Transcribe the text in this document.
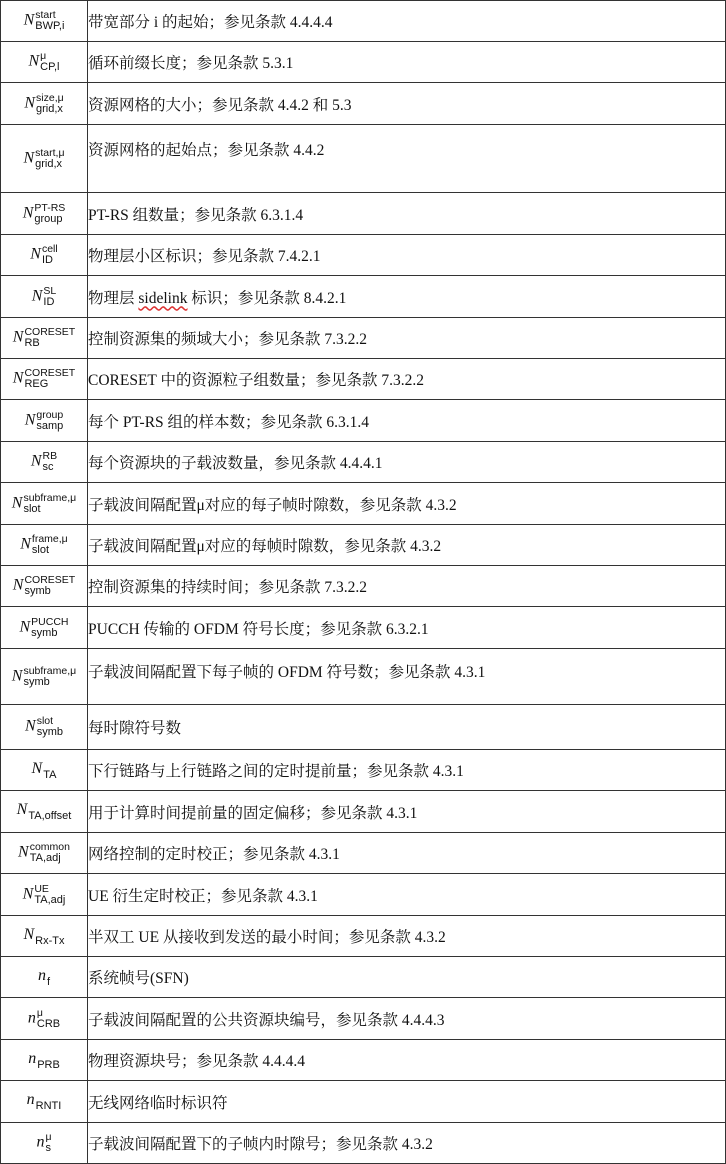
N start
BWP,i	带宽部分 i 的起始；参见条款 4.4.4.4
N μ
CP,l	循环前缀长度；参见条款 5.3.1
N size,μ
grid,x	资源网格的大小；参见条款 4.4.2 和 5.3
N start,μ
grid,x	资源网格的起始点；参见条款 4.4.2
N PT-RS
group	PT-RS 组数量；参见条款 6.3.1.4
N cell
ID	物理层小区标识；参见条款 7.4.2.1
N SL
ID	物理层 sidelink 标识；参见条款 8.4.2.1
N CORESET
RB	控制资源集的频域大小；参见条款 7.3.2.2
N CORESET
REG	CORESET 中的资源粒子组数量；参见条款 7.3.2.2
N group
samp	每个 PT-RS 组的样本数；参见条款 6.3.1.4
N RB
sc	每个资源块的子载波数量，参见条款 4.4.4.1
N subframe,μ
slot	子载波间隔配置μ对应的每子帧时隙数，参见条款 4.3.2
N frame,μ
slot	子载波间隔配置μ对应的每帧时隙数，参见条款 4.3.2
N CORESET
symb	控制资源集的持续时间；参见条款 7.3.2.2
N PUCCH
symb	PUCCH 传输的 OFDM 符号长度；参见条款 6.3.2.1
N subframe,μ
symb	子载波间隔配置下每子帧的 OFDM 符号数；参见条款 4.3.1
N slot
symb	每时隙符号数
NTA	下行链路与上行链路之间的定时提前量；参见条款 4.3.1
NTA,offset	用于计算时间提前量的固定偏移；参见条款 4.3.1
N common
TA,adj	网络控制的定时校正；参见条款 4.3.1
N UE
TA,adj	UE 衍生定时校正；参见条款 4.3.1
NRx-Tx	半双工 UE 从接收到发送的最小时间；参见条款 4.3.2
nf	系统帧号(SFN)
n μ
CRB	子载波间隔配置的公共资源块编号，参见条款 4.4.4.3
nPRB	物理资源块号；参见条款 4.4.4.4
nRNTI	无线网络临时标识符
n μ
s	子载波间隔配置下的子帧内时隙号；参见条款 4.3.2
